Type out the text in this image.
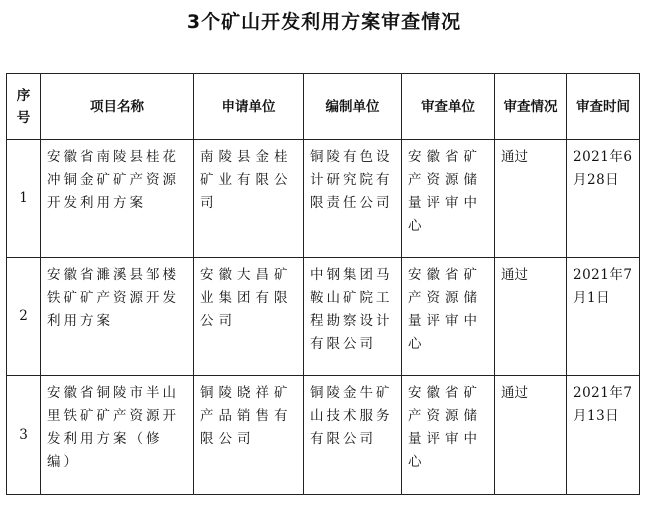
3个矿山开发利用方案审查情况
序号	项目名称	申请单位	编制单位	审查单位	审查情况	审查时间
1	安徽省南陵县桂花冲铜金矿矿产资源开发利用方案	南陵县金桂矿业有限公司	铜陵有色设计研究院有限责任公司	安徽省矿产资源储量评审中心	通过	2021年6月28日
2	安徽省濉溪县邹楼铁矿矿产资源开发利用方案	安徽大昌矿业集团有限公司	中钢集团马鞍山矿院工程勘察设计有限公司	安徽省矿产资源储量评审中心	通过	2021年7月1日
3	安徽省铜陵市半山里铁矿矿产资源开发利用方案（修编）	铜陵晓祥矿产品销售有限公司	铜陵金牛矿山技术服务有限公司	安徽省矿产资源储量评审中心	通过	2021年7月13日
